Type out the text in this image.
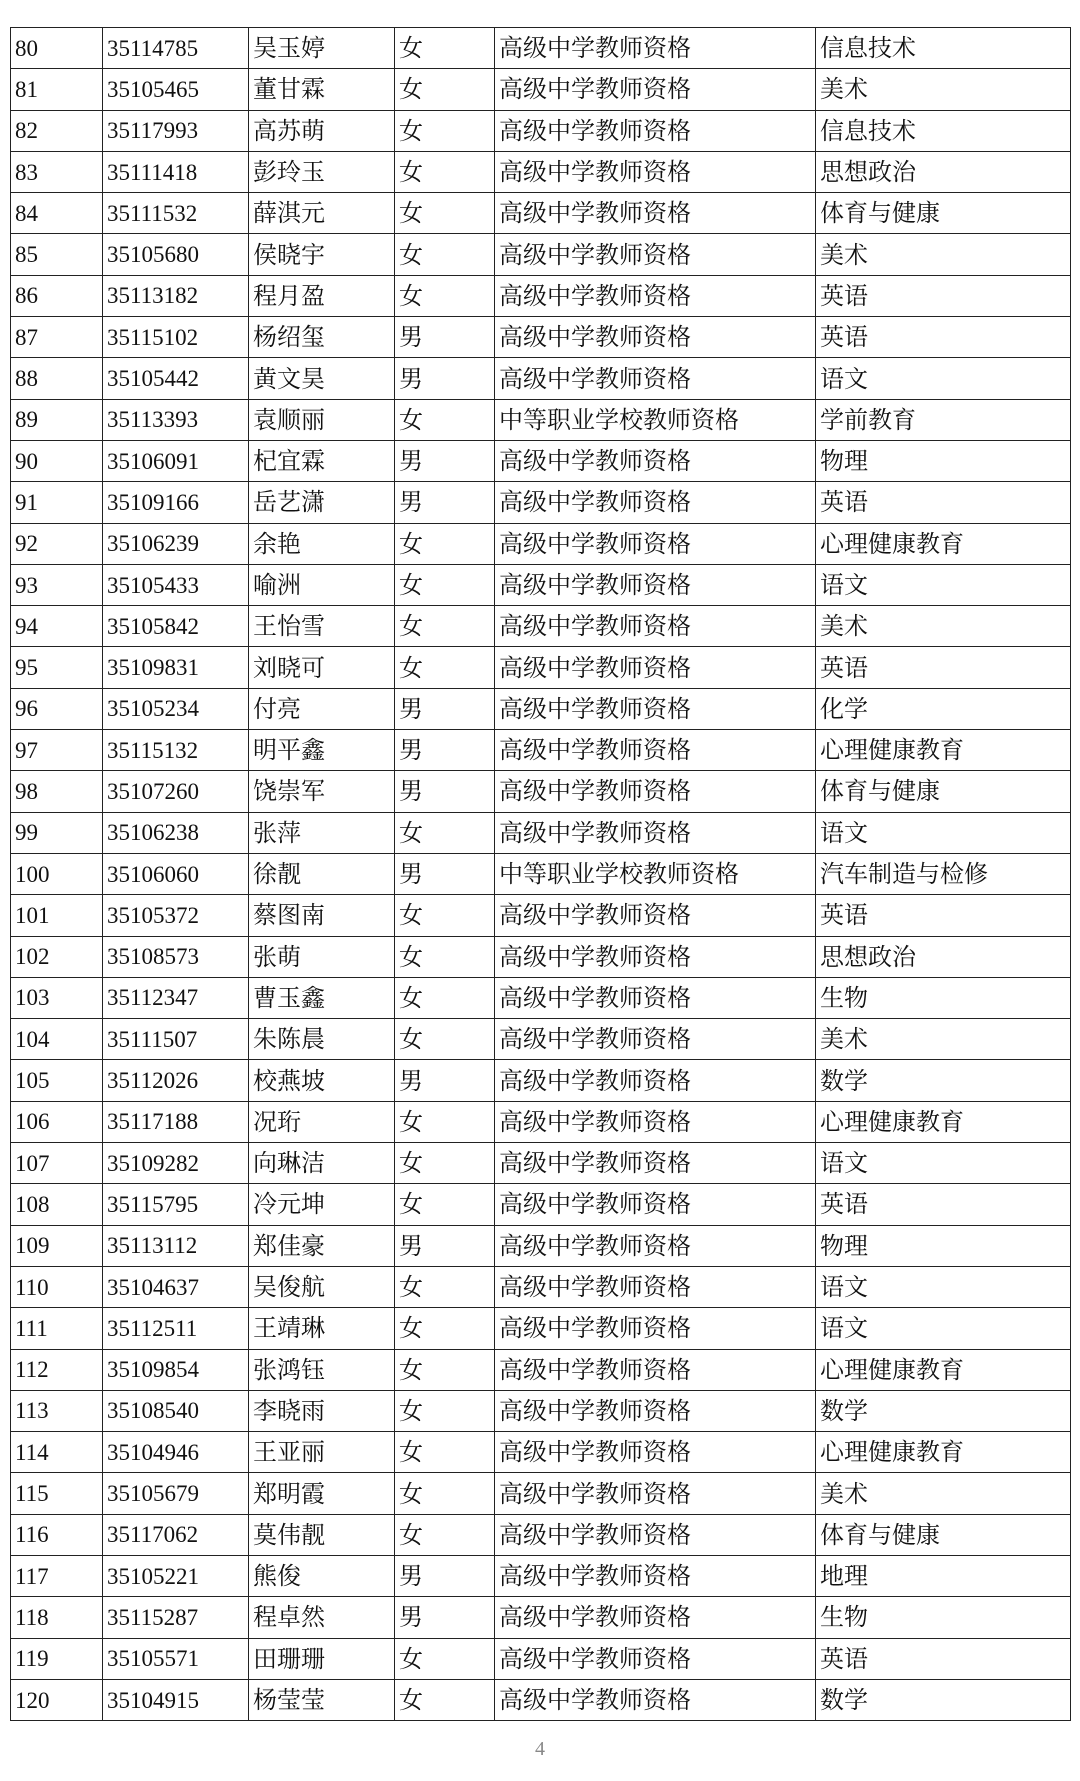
80	35114785	吴玉婷	女	高级中学教师资格	信息技术
81	35105465	董甘霖	女	高级中学教师资格	美术
82	35117993	高苏萌	女	高级中学教师资格	信息技术
83	35111418	彭玲玉	女	高级中学教师资格	思想政治
84	35111532	薛淇元	女	高级中学教师资格	体育与健康
85	35105680	侯晓宇	女	高级中学教师资格	美术
86	35113182	程月盈	女	高级中学教师资格	英语
87	35115102	杨绍玺	男	高级中学教师资格	英语
88	35105442	黄文昊	男	高级中学教师资格	语文
89	35113393	袁顺丽	女	中等职业学校教师资格	学前教育
90	35106091	杞宜霖	男	高级中学教师资格	物理
91	35109166	岳艺潇	男	高级中学教师资格	英语
92	35106239	余艳	女	高级中学教师资格	心理健康教育
93	35105433	喻洲	女	高级中学教师资格	语文
94	35105842	王怡雪	女	高级中学教师资格	美术
95	35109831	刘晓可	女	高级中学教师资格	英语
96	35105234	付亮	男	高级中学教师资格	化学
97	35115132	明平鑫	男	高级中学教师资格	心理健康教育
98	35107260	饶崇军	男	高级中学教师资格	体育与健康
99	35106238	张萍	女	高级中学教师资格	语文
100	35106060	徐靓	男	中等职业学校教师资格	汽车制造与检修
101	35105372	蔡图南	女	高级中学教师资格	英语
102	35108573	张萌	女	高级中学教师资格	思想政治
103	35112347	曹玉鑫	女	高级中学教师资格	生物
104	35111507	朱陈晨	女	高级中学教师资格	美术
105	35112026	校燕坡	男	高级中学教师资格	数学
106	35117188	况珩	女	高级中学教师资格	心理健康教育
107	35109282	向琳洁	女	高级中学教师资格	语文
108	35115795	冷元坤	女	高级中学教师资格	英语
109	35113112	郑佳豪	男	高级中学教师资格	物理
110	35104637	吴俊航	女	高级中学教师资格	语文
111	35112511	王靖琳	女	高级中学教师资格	语文
112	35109854	张鸿钰	女	高级中学教师资格	心理健康教育
113	35108540	李晓雨	女	高级中学教师资格	数学
114	35104946	王亚丽	女	高级中学教师资格	心理健康教育
115	35105679	郑明霞	女	高级中学教师资格	美术
116	35117062	莫伟靓	女	高级中学教师资格	体育与健康
117	35105221	熊俊	男	高级中学教师资格	地理
118	35115287	程卓然	男	高级中学教师资格	生物
119	35105571	田珊珊	女	高级中学教师资格	英语
120	35104915	杨莹莹	女	高级中学教师资格	数学
4
